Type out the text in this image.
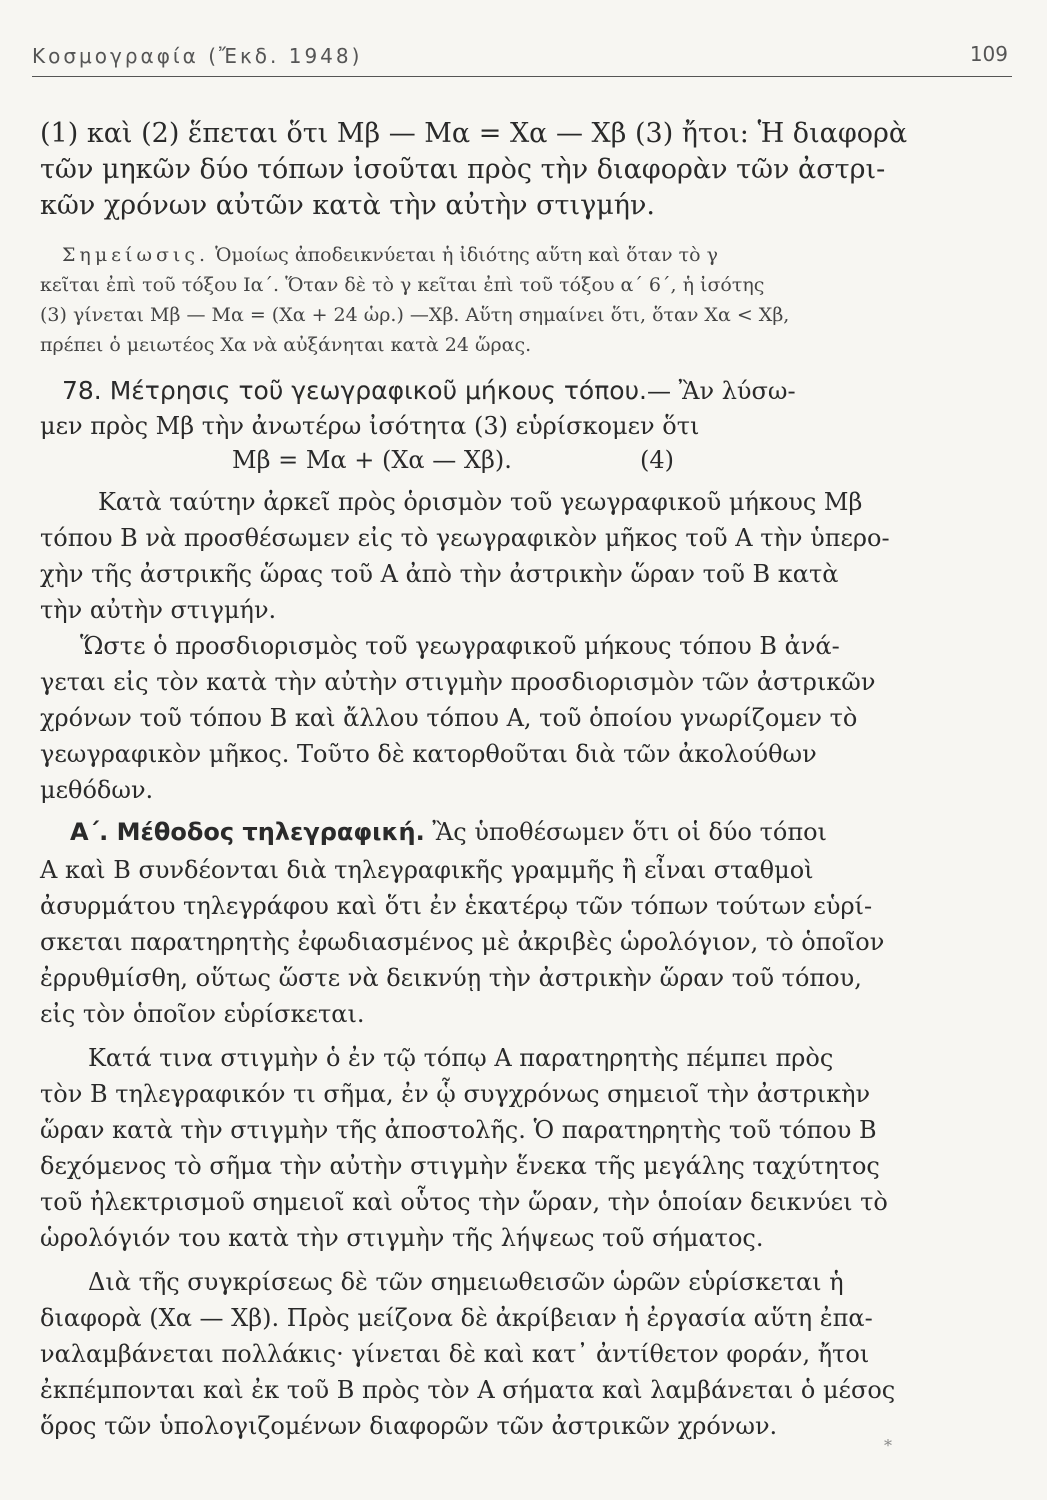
Κοσμογραφία (Ἔκδ. 1948)	109
(1) καὶ (2) ἕπεται ὅτι Mβ — Mα = Xα — Xβ (3) ἤτοι: Ἡ διαφορὰ
τῶν μηκῶν δύο τόπων ἰσοῦται πρὸς τὴν διαφορὰν τῶν ἀστρι-
κῶν χρόνων αὐτῶν κατὰ τὴν αὐτὴν στιγμήν.
Σημείωσις. Ὁμοίως ἀποδεικνύεται ἡ ἰδιότης αὕτη καὶ ὅταν τὸ γ
κεῖται ἐπὶ τοῦ τόξου Ια΄. Ὅταν δὲ τὸ γ κεῖται ἐπὶ τοῦ τόξου α΄ 6΄, ἡ ἰσότης
(3) γίνεται Mβ — Mα = (Xα + 24 ὡρ.) —Xβ. Αὕτη σημαίνει ὅτι, ὅταν Xα < Xβ,
πρέπει ὁ μειωτέος Xα νὰ αὐξάνηται κατὰ 24 ὥρας.
78. Μέτρησις τοῦ γεωγραφικοῦ μήκους τόπου.— Ἂν λύσω-
μεν πρὸς Mβ τὴν ἀνωτέρω ἰσότητα (3) εὑρίσκομεν ὅτι
Mβ = Mα + (Xα — Xβ).	(4)
Κατὰ ταύτην ἀρκεῖ πρὸς ὁρισμὸν τοῦ γεωγραφικοῦ μήκους Mβ
τόπου Β νὰ προσθέσωμεν εἰς τὸ γεωγραφικὸν μῆκος τοῦ Α τὴν ὑπερο-
χὴν τῆς ἀστρικῆς ὥρας τοῦ Α ἀπὸ τὴν ἀστρικὴν ὥραν τοῦ Β κατὰ
τὴν αὐτὴν στιγμήν.
Ὥστε ὁ προσδιορισμὸς τοῦ γεωγραφικοῦ μήκους τόπου Β ἀνά-
γεται εἰς τὸν κατὰ τὴν αὐτὴν στιγμὴν προσδιορισμὸν τῶν ἀστρικῶν
χρόνων τοῦ τόπου Β καὶ ἄλλου τόπου Α, τοῦ ὁποίου γνωρίζομεν τὸ
γεωγραφικὸν μῆκος. Τοῦτο δὲ κατορθοῦται διὰ τῶν ἀκολούθων
μεθόδων.
Α΄. Μέθοδος τηλεγραφική. Ἂς ὑποθέσωμεν ὅτι οἱ δύο τόποι
Α καὶ Β συνδέονται διὰ τηλεγραφικῆς γραμμῆς ἢ εἶναι σταθμοὶ
ἀσυρμάτου τηλεγράφου καὶ ὅτι ἐν ἑκατέρῳ τῶν τόπων τούτων εὑρί-
σκεται παρατηρητὴς ἐφωδιασμένος μὲ ἀκριβὲς ὡρολόγιον, τὸ ὁποῖον
ἐρρυθμίσθη, οὕτως ὥστε νὰ δεικνύῃ τὴν ἀστρικὴν ὥραν τοῦ τόπου,
εἰς τὸν ὁποῖον εὑρίσκεται.
Κατά τινα στιγμὴν ὁ ἐν τῷ τόπῳ Α παρατηρητὴς πέμπει πρὸς
τὸν Β τηλεγραφικόν τι σῆμα, ἐν ᾧ συγχρόνως σημειοῖ τὴν ἀστρικὴν
ὥραν κατὰ τὴν στιγμὴν τῆς ἀποστολῆς. Ὁ παρατηρητὴς τοῦ τόπου Β
δεχόμενος τὸ σῆμα τὴν αὐτὴν στιγμὴν ἕνεκα τῆς μεγάλης ταχύτητος
τοῦ ἠλεκτρισμοῦ σημειοῖ καὶ οὗτος τὴν ὥραν, τὴν ὁποίαν δεικνύει τὸ
ὡρολόγιόν του κατὰ τὴν στιγμὴν τῆς λήψεως τοῦ σήματος.
Διὰ τῆς συγκρίσεως δὲ τῶν σημειωθεισῶν ὡρῶν εὑρίσκεται ἡ
διαφορὰ (Xα — Xβ). Πρὸς μείζονα δὲ ἀκρίβειαν ἡ ἐργασία αὕτη ἐπα-
ναλαμβάνεται πολλάκις· γίνεται δὲ καὶ κατ᾿ ἀντίθετον φοράν, ἤτοι
ἐκπέμπονται καὶ ἐκ τοῦ Β πρὸς τὸν Α σήματα καὶ λαμβάνεται ὁ μέσος
ὅρος τῶν ὑπολογιζομένων διαφορῶν τῶν ἀστρικῶν χρόνων.
*
